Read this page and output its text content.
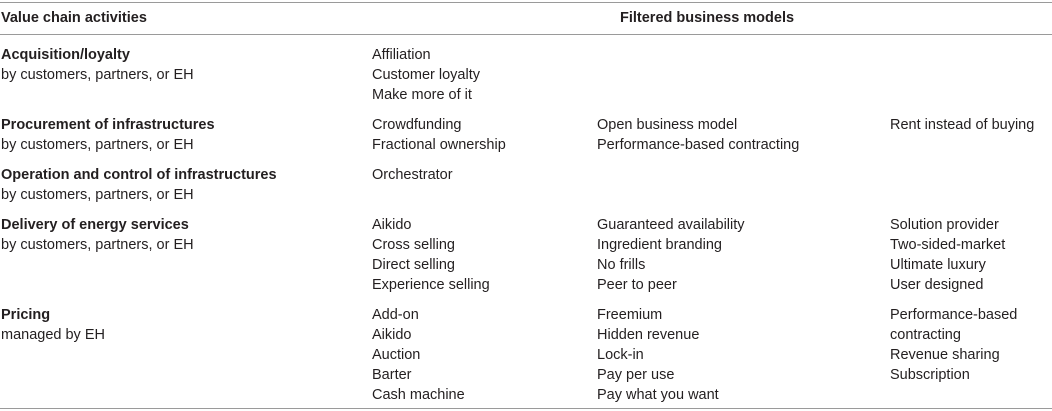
Value chain activities	Filtered business models
Acquisition/loyalty
by customers, partners, or EH
Affiliation
Customer loyalty
Make more of it
Procurement of infrastructures
by customers, partners, or EH
Crowdfunding
Fractional ownership
Open business model
Performance-based contracting
Rent instead of buying
Operation and control of infrastructures
by customers, partners, or EH
Orchestrator
Delivery of energy services
by customers, partners, or EH
Aikido
Cross selling
Direct selling
Experience selling
Guaranteed availability
Ingredient branding
No frills
Peer to peer
Solution provider
Two-sided-market
Ultimate luxury
User designed
Pricing
managed by EH
Add-on
Aikido
Auction
Barter
Cash machine
Freemium
Hidden revenue
Lock-in
Pay per use
Pay what you want
Performance-based
contracting
Revenue sharing
Subscription
